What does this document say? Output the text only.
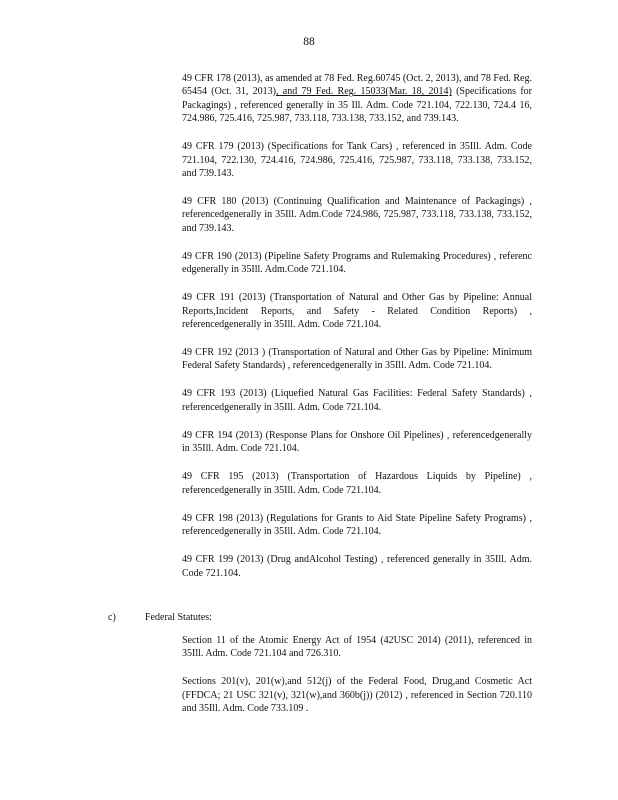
88

49 CFR 178 (2013), as amended at 78 Fed. Reg.60745 (Oct. 2, 2013), and 78 Fed. Reg. 65454 (Oct. 31, 2013), and 79 Fed. Reg. 15033(Mar. 18, 2014) (Specifications for Packagings) , referenced generally in 35 Ill. Adm. Code 721.104, 722.130, 724.4 16, 724.986, 725.416, 725.987, 733.118, 733.138, 733.152, and 739.143.

49 CFR 179 (2013) (Specifications for Tank Cars) , referenced in 35Ill. Adm. Code 721.104, 722.130, 724.416, 724.986, 725.416, 725.987, 733.118, 733.138, 733.152, and 739.143.

49 CFR 180 (2013) (Continuing Qualification and Maintenance of Packagings) , referencedgenerally in 35Ill. Adm.Code 724.986, 725.987, 733.118, 733.138, 733.152, and 739.143.

49 CFR 190 (2013) (Pipeline Safety Programs and Rulemaking Procedures) , referenc edgenerally in 35Ill. Adm.Code 721.104.

49 CFR 191 (2013) (Transportation of Natural and Other Gas by Pipeline: Annual Reports,Incident Reports, and Safety - Related Condition Reports) , referencedgenerally in 35Ill. Adm. Code 721.104.

49 CFR 192 (2013 ) (Transportation of Natural and Other Gas by Pipeline: Minimum Federal Safety Standards) , referencedgenerally in 35Ill. Adm. Code 721.104.

49 CFR 193 (2013) (Liquefied Natural Gas Facilities: Federal Safety Standards) , referencedgenerally in 35Ill. Adm. Code 721.104.

49 CFR 194 (2013) (Response Plans for Onshore Oil Pipelines) , referencedgenerally in 35Ill. Adm. Code 721.104.

49 CFR 195 (2013) (Transportation of Hazardous Liquids by Pipeline) , referencedgenerally in 35Ill. Adm. Code 721.104.

49 CFR 198 (2013) (Regulations for Grants to Aid State Pipeline Safety Programs) , referencedgenerally in 35Ill. Adm. Code 721.104.

49 CFR 199 (2013) (Drug andAlcohol Testing) , referenced generally in 35Ill. Adm. Code 721.104.

c)	Federal Statutes:

Section 11 of the Atomic Energy Act of 1954 (42USC 2014) (2011), referenced in 35Ill. Adm. Code 721.104 and 726.310.

Sections 201(v), 201(w),and 512(j) of the Federal Food, Drug,and Cosmetic Act (FFDCA; 21 USC 321(v), 321(w),and 360b(j)) (2012) , referenced in Section 720.110 and 35Ill. Adm. Code 733.109 .
